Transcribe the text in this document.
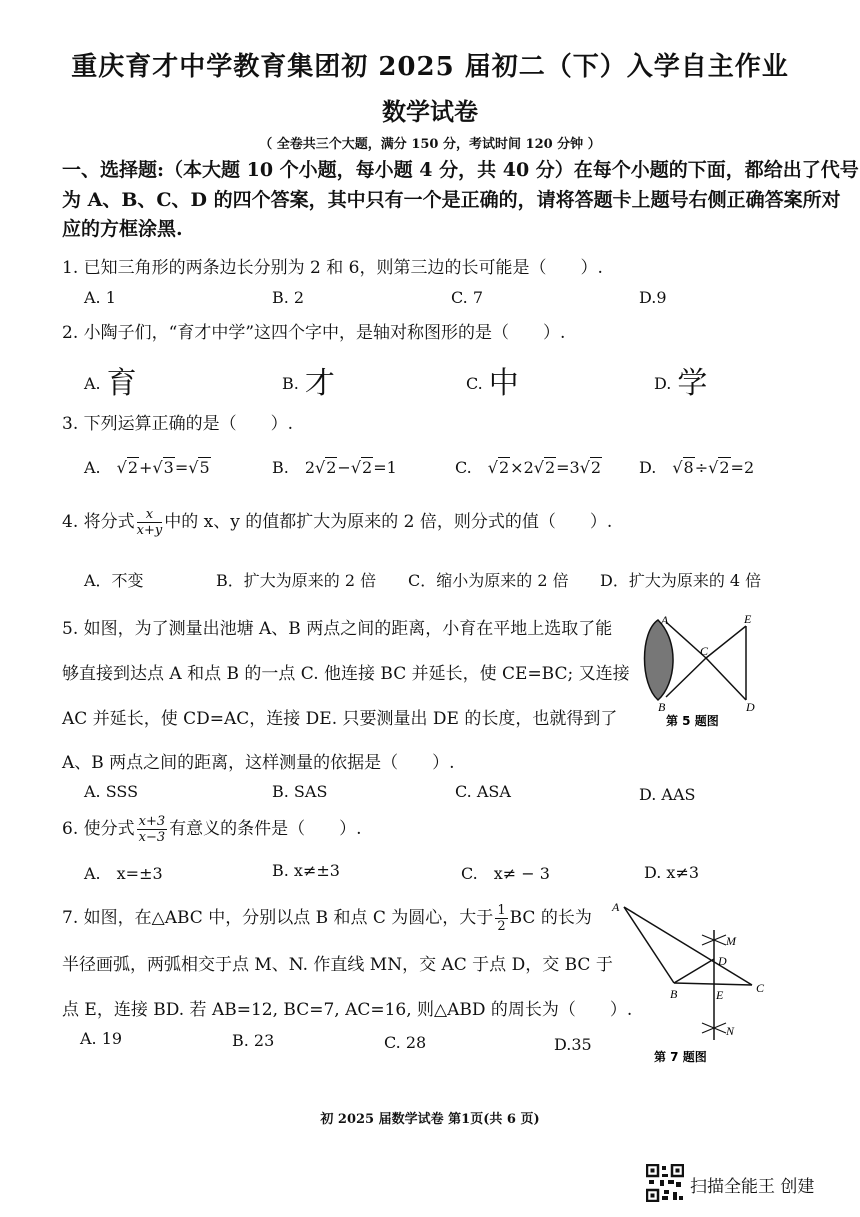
重庆育才中学教育集团初 2025 届初二（下）入学自主作业
数学试卷
（ 全卷共三个大题，满分 150 分，考试时间 120 分钟 ）
一、选择题:（本大题 10 个小题，每小题 4 分，共 40 分）在每个小题的下面，都给出了代号
为 A、B、C、D 的四个答案，其中只有一个是正确的，请将答题卡上题号右侧正确答案所对
应的方框涂黑.
1. 已知三角形的两条边长分别为 2 和 6，则第三边的长可能是（　　）.
A. 1	B. 2	C. 7	D.9
2. 小陶子们，“育才中学”这四个字中，是轴对称图形的是（　　）.
A. 育	B. 才	C. 中	D. 学
3. 下列运算正确的是（　　）.
A.　√2+√3=√5	B.　2√2−√2=1	C.　√2×2√2=3√2 D.　√8÷√2=2
4. 将分式 $\frac{x}{x+y}$ 中的 x、y 的值都扩大为原来的 2 倍，则分式的值（　　）.
A．不变	B．扩大为原来的 2 倍 C．缩小为原来的 2 倍 D．扩大为原来的 4 倍
5. 如图，为了测量出池塘 A、B 两点之间的距离，小育在平地上选取了能
够直接到达点 A 和点 B 的一点 C. 他连接 BC 并延长，使 CE=BC; 又连接
AC 并延长，使 CD=AC，连接 DE. 只要测量出 DE 的长度，也就得到了
A、B 两点之间的距离，这样测量的依据是（　　）.
A. SSS	B. SAS	C. ASA	D. AAS
A
B
C
D
E
第 5 题图
6. 使分式 $\frac{x+3}{x-3}$ 有意义的条件是（　　）.
A.　x=±3	B. x≠±3	C.　x≠ − 3	D. x≠3
7. 如图，在△ABC 中，分别以点 B 和点 C 为圆心，大于 $\frac{1}{2}$ BC 的长为
半径画弧，两弧相交于点 M、N. 作直线 MN，交 AC 于点 D，交 BC 于
点 E，连接 BD. 若 AB=12, BC=7, AC=16, 则△ABD 的周长为（　　）.
A. 19	B. 23	C. 28	D.35
A
B	C
D
E
M
N
第 7 题图
初 2025 届数学试卷 第1页(共 6 页)
扫描全能王 创建
